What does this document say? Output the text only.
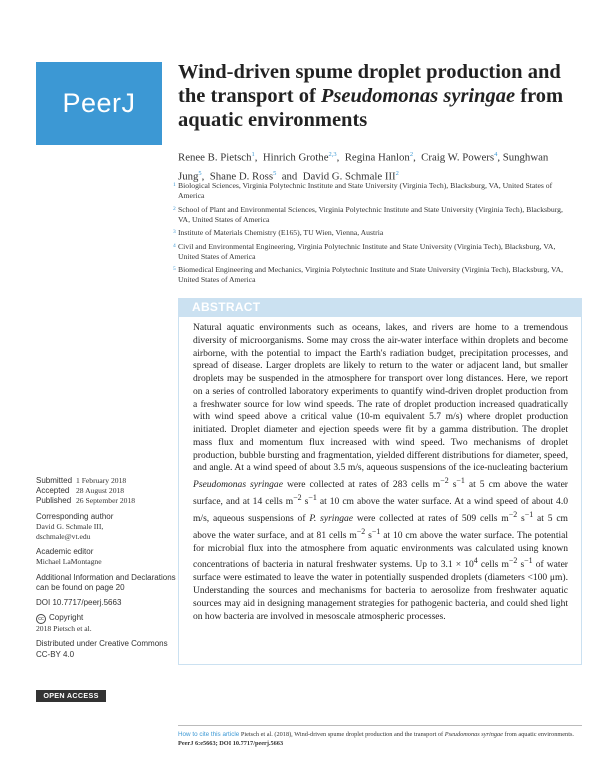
PeerJ
Wind-driven spume droplet production and the transport of Pseudomonas syringae from aquatic environments
Renee B. Pietsch$^1$,  Hinrich Grothe$^{2,3}$,  Regina Hanlon$^2$,  Craig W. Powers$^4$, Sunghwan Jung$^5$,  Shane D. Ross$^5$  and  David G. Schmale III$^2$
1 Biological Sciences, Virginia Polytechnic Institute and State University (Virginia Tech), Blacksburg, VA, United States of America
2 School of Plant and Environmental Sciences, Virginia Polytechnic Institute and State University (Virginia Tech), Blacksburg, VA, United States of America
3 Institute of Materials Chemistry (E165), TU Wien, Vienna, Austria
4 Civil and Environmental Engineering, Virginia Polytechnic Institute and State University (Virginia Tech), Blacksburg, VA, United States of America
5 Biomedical Engineering and Mechanics, Virginia Polytechnic Institute and State University (Virginia Tech), Blacksburg, VA, United States of America
ABSTRACT
Natural aquatic environments such as oceans, lakes, and rivers are home to a tremendous diversity of microorganisms. Some may cross the air-water interface within droplets and become airborne, with the potential to impact the Earth's radiation budget, precipitation processes, and spread of disease. Larger droplets are likely to return to the water or adjacent land, but smaller droplets may be suspended in the atmosphere for transport over long distances. Here, we report on a series of controlled laboratory experiments to quantify wind-driven droplet production from a freshwater source for low wind speeds. The rate of droplet production increased quadratically with wind speed above a critical value (10-m equivalent 5.7 m/s) where droplet production initiated. Droplet diameter and ejection speeds were fit by a gamma distribution. The droplet mass flux and momentum flux increased with wind speed. Two mechanisms of droplet production, bubble bursting and fragmentation, yielded different distributions for diameter, speed, and angle. At a wind speed of about 3.5 m/s, aqueous suspensions of the ice-nucleating bacterium Pseudomonas syringae were collected at rates of 283 cells $m^{-2}$ $s^{-1}$ at 5 cm above the water surface, and at 14 cells $m^{-2}$ $s^{-1}$ at 10 cm above the water surface. At a wind speed of about 4.0 m/s, aqueous suspensions of P. syringae were collected at rates of 509 cells $m^{-2}$ $s^{-1}$ at 5 cm above the water surface, and at 81 cells $m^{-2}$ $s^{-1}$ at 10 cm above the water surface. The potential for microbial flux into the atmosphere from aquatic environments was calculated using known concentrations of bacteria in natural freshwater systems. Up to $3.1 \times 10^4$ cells $m^{-2}$ $s^{-1}$ of water surface were estimated to leave the water in potentially suspended droplets (diameters <100 μm). Understanding the sources and mechanisms for bacteria to aerosolize from freshwater aquatic sources may aid in designing management strategies for pathogenic bacteria, and could shed light on how bacteria are involved in mesoscale atmospheric processes.
Submitted 1 February 2018
Accepted 28 August 2018
Published 26 September 2018
Corresponding author
David G. Schmale III,
dschmale@vt.edu
Academic editor
Michael LaMontagne
Additional Information and Declarations can be found on page 20
DOI 10.7717/peerj.5663
cc Copyright
2018 Pietsch et al.
Distributed under Creative Commons CC-BY 4.0
OPEN ACCESS
How to cite this article Pietsch et al. (2018), Wind-driven spume droplet production and the transport of Pseudomonas syringae from aquatic environments. PeerJ 6:e5663; DOI 10.7717/peerj.5663
